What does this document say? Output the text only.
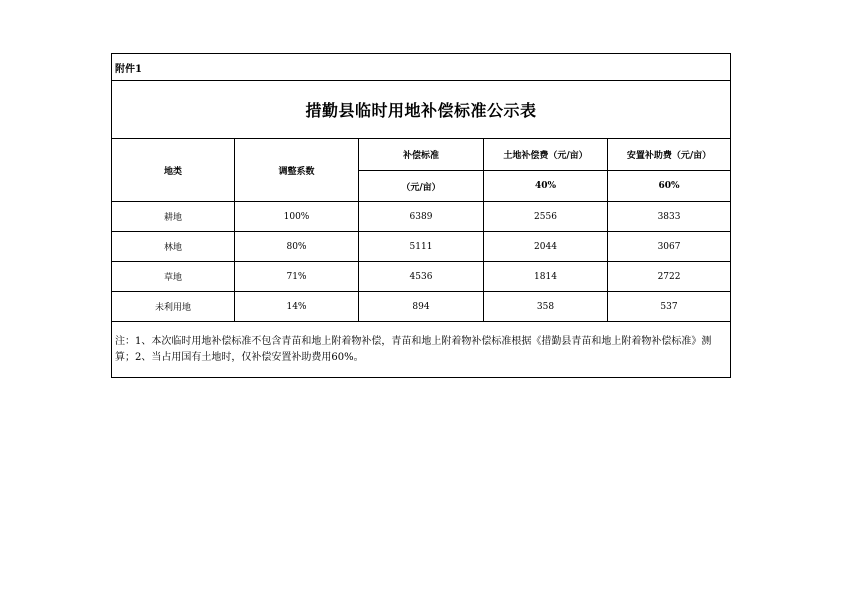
附件1				
措勤县临时用地补偿标准公示表				
地类	调整系数	补偿标准	土地补偿费（元/亩）	安置补助费（元/亩）
		（元/亩）	40%	60%
耕地	100%	6389	2556	3833
林地	80%	5111	2044	3067
草地	71%	4536	1814	2722
未利用地	14%	894	358	537
注：1、本次临时用地补偿标准不包含青苗和地上附着物补偿，青苗和地上附着物补偿标准根据《措勤县青苗和地上附着物补偿标准》测算；2、当占用国有土地时，仅补偿安置补助费用60%。				
